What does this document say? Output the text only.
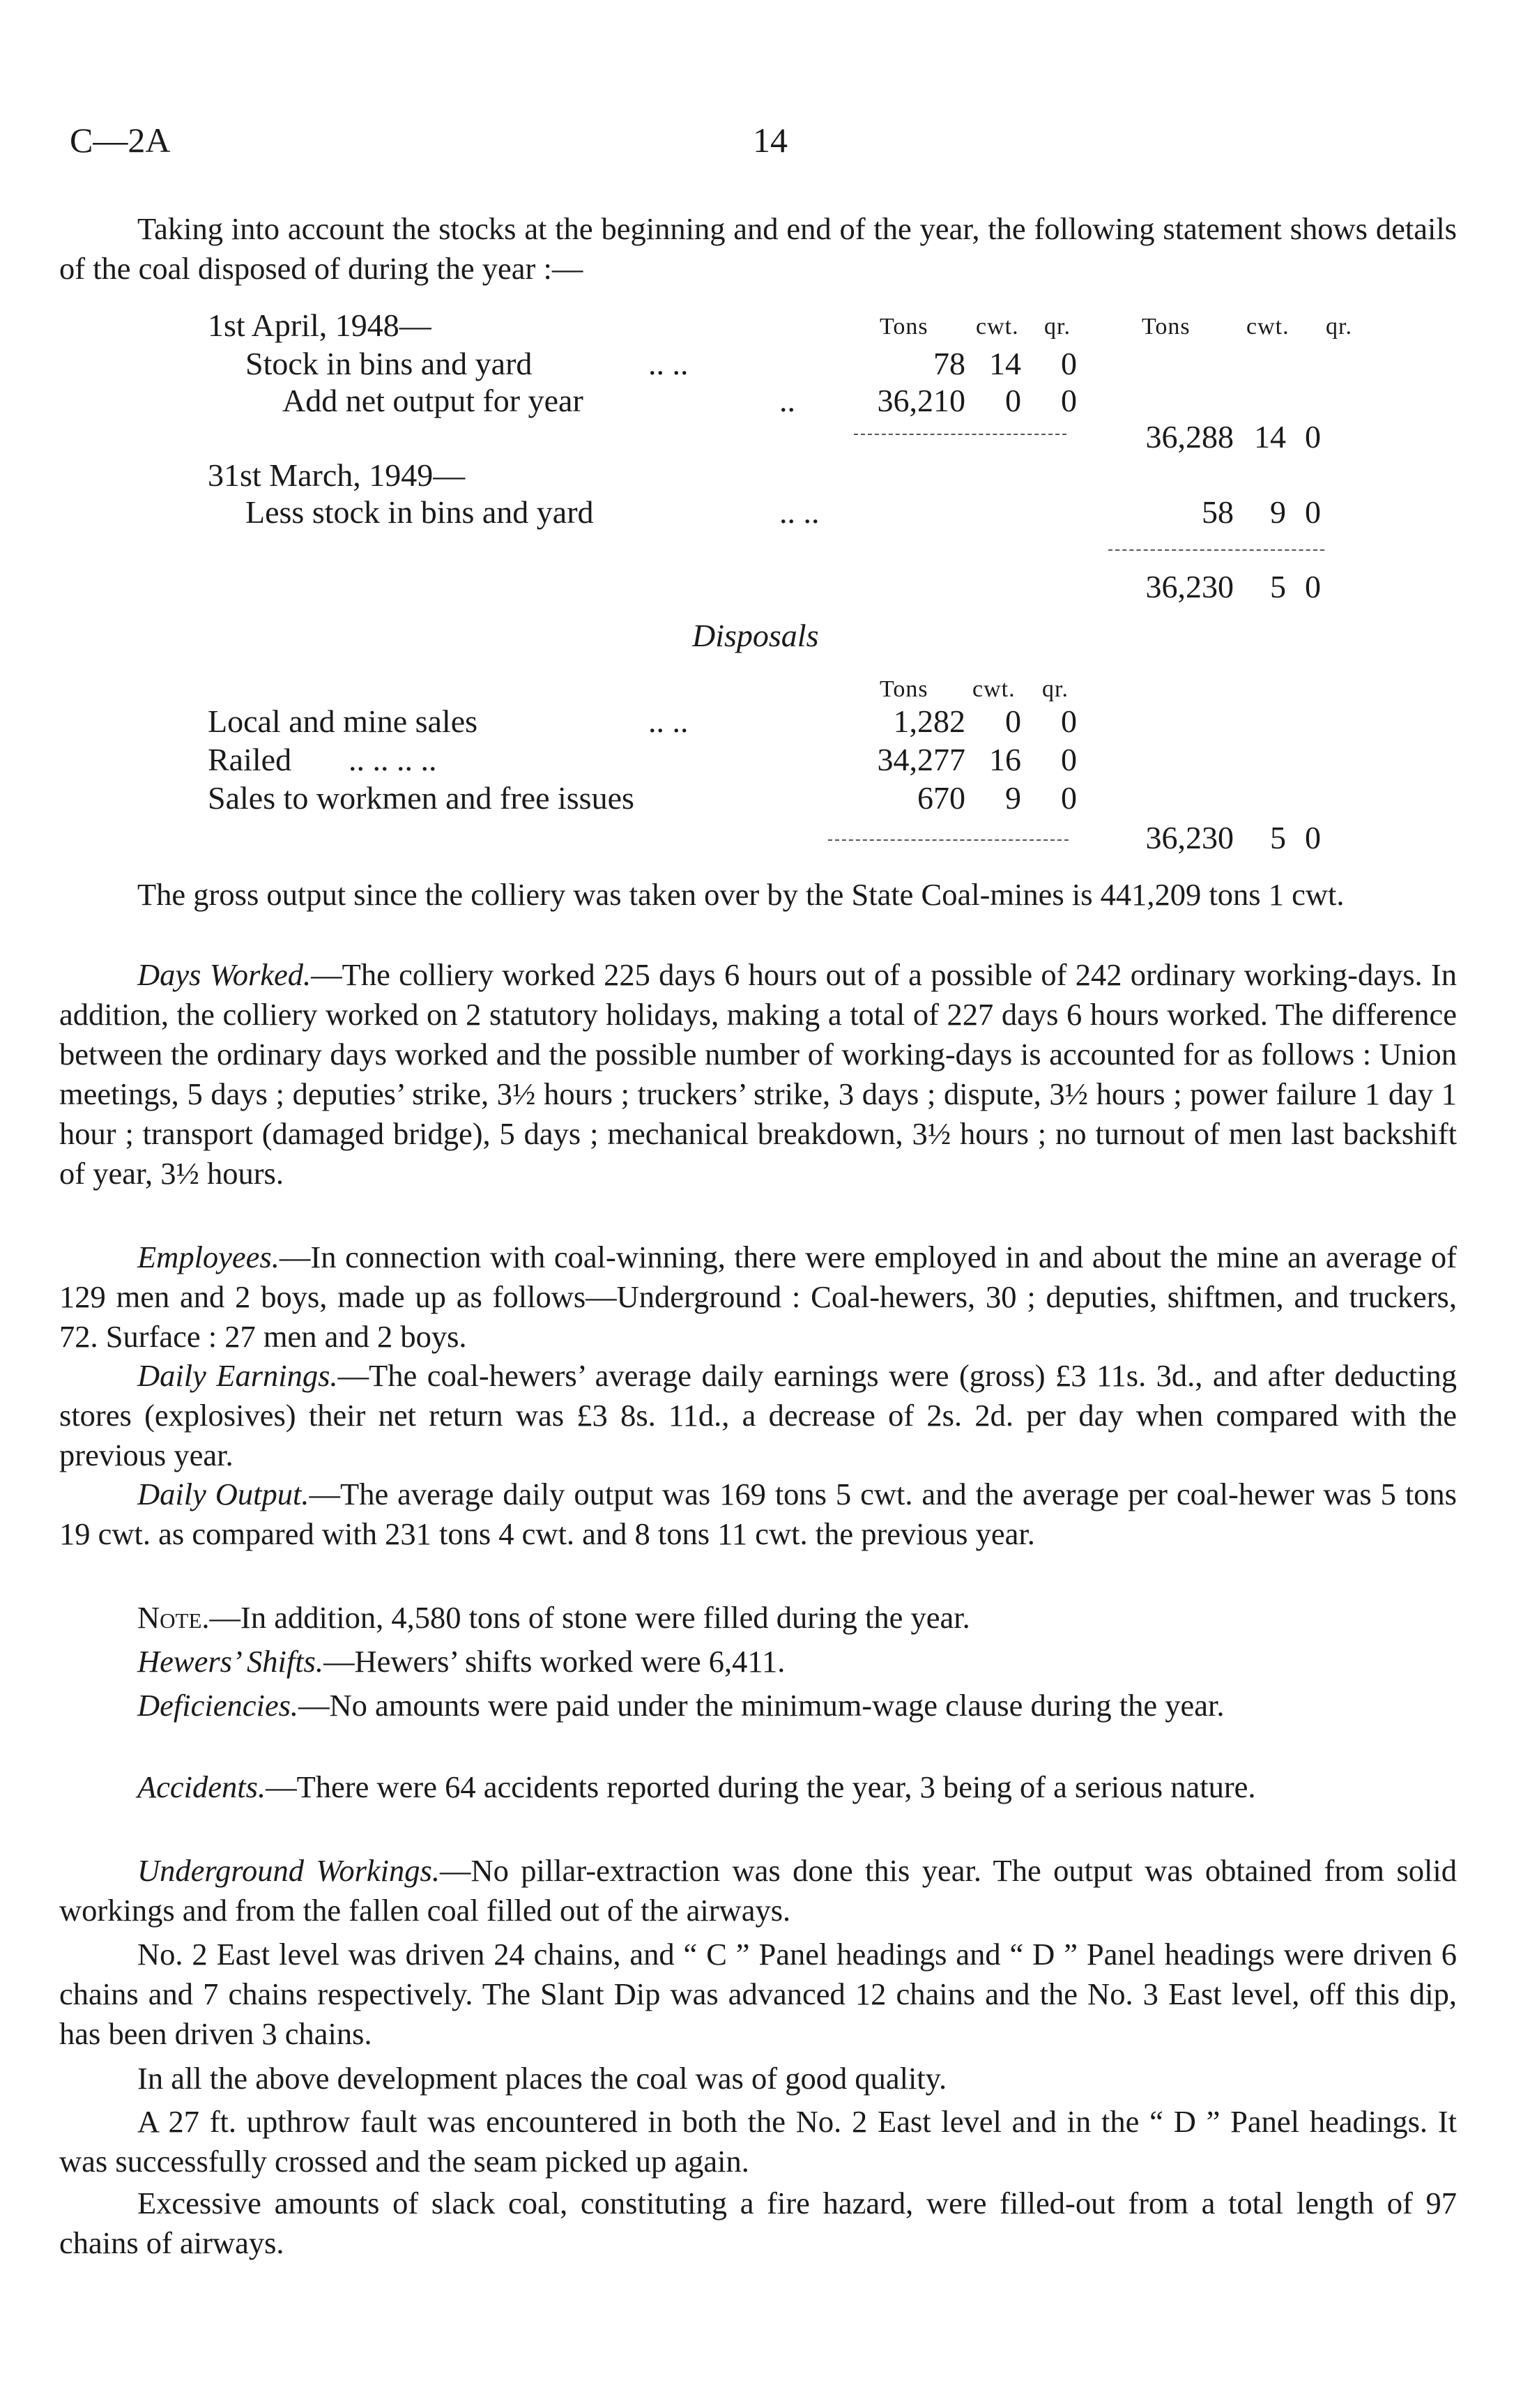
C—2A	14

Taking into account the stocks at the beginning and end of the year, the following statement shows details of the coal disposed of during the year :—

Tons cwt. qr.	Tons cwt. qr.
1st April, 1948—
Stock in bins and yard	.. ..	78 14	0
Add net output for year	..	36,210	0	0
36,288 14 0
31st March, 1949—
Less stock in bins and yard	.. ..	58	9 0
36,230	5 0
Disposals
Tons cwt. qr.
Local and mine sales	.. ..	1,282	0	0
Railed .. .. .. ..	34,277 16	0
Sales to workmen and free issues	670	9	0
36,230	5 0

The gross output since the colliery was taken over by the State Coal-mines is 441,209 tons 1 cwt.

Days Worked.—The colliery worked 225 days 6 hours out of a possible of 242 ordinary working-days. In addition, the colliery worked on 2 statutory holidays, making a total of 227 days 6 hours worked. The difference between the ordinary days worked and the possible number of working-days is accounted for as follows : Union meetings, 5 days ; deputies’ strike, 3½ hours ; truckers’ strike, 3 days ; dispute, 3½ hours ; power failure 1 day 1 hour ; transport (damaged bridge), 5 days ; mechanical breakdown, 3½ hours ; no turnout of men last backshift of year, 3½ hours.

Employees.—In connection with coal-winning, there were employed in and about the mine an average of 129 men and 2 boys, made up as follows—Underground : Coal-hewers, 30 ; deputies, shiftmen, and truckers, 72. Surface : 27 men and 2 boys.

Daily Earnings.—The coal-hewers’ average daily earnings were (gross) £3 11s. 3d., and after deducting stores (explosives) their net return was £3 8s. 11d., a decrease of 2s. 2d. per day when compared with the previous year.

Daily Output.—The average daily output was 169 tons 5 cwt. and the average per coal-hewer was 5 tons 19 cwt. as compared with 231 tons 4 cwt. and 8 tons 11 cwt. the previous year.

Note.—In addition, 4,580 tons of stone were filled during the year.

Hewers’ Shifts.—Hewers’ shifts worked were 6,411.

Deficiencies.—No amounts were paid under the minimum-wage clause during the year.

Accidents.—There were 64 accidents reported during the year, 3 being of a serious nature.

Underground Workings.—No pillar-extraction was done this year. The output was obtained from solid workings and from the fallen coal filled out of the airways.

No. 2 East level was driven 24 chains, and “ C ” Panel headings and “ D ” Panel headings were driven 6 chains and 7 chains respectively. The Slant Dip was advanced 12 chains and the No. 3 East level, off this dip, has been driven 3 chains.

In all the above development places the coal was of good quality.

A 27 ft. upthrow fault was encountered in both the No. 2 East level and in the “ D ” Panel headings. It was successfully crossed and the seam picked up again.

Excessive amounts of slack coal, constituting a fire hazard, were filled-out from a total length of 97 chains of airways.
